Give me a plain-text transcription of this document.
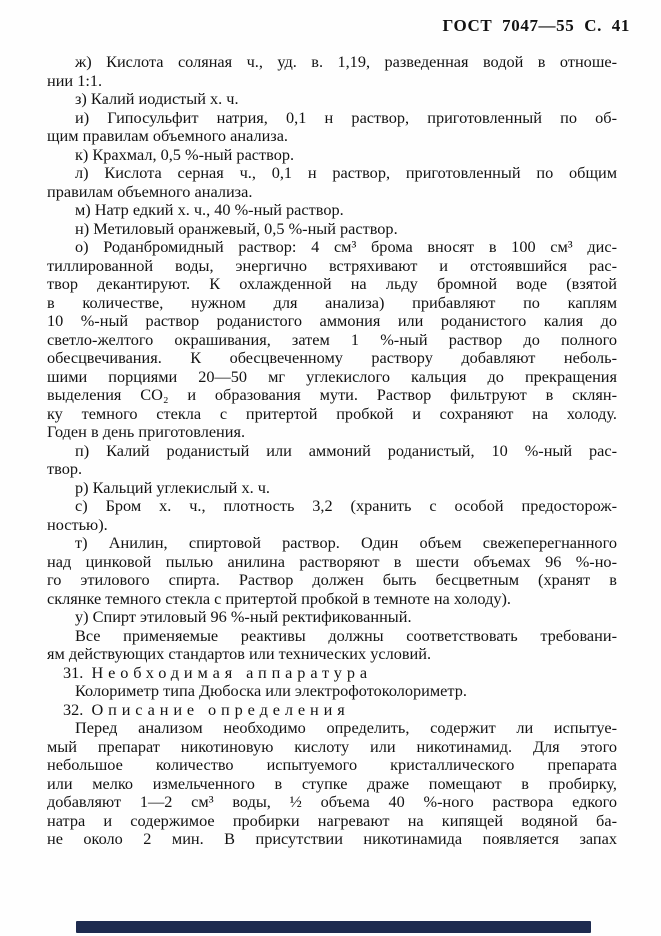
ГОСТ 7047—55 С. 41
ж) Кислота соляная ч., уд. в. 1,19, разведенная водой в отноше-
нии 1:1.
з) Калий иодистый х. ч.
и) Гипосульфит натрия, 0,1 н раствор, приготовленный по об-
щим правилам объемного анализа.
к) Крахмал, 0,5 %-ный раствор.
л) Кислота серная ч., 0,1 н раствор, приготовленный по общим
правилам объемного анализа.
м) Натр едкий х. ч., 40 %-ный раствор.
н) Метиловый оранжевый, 0,5 %-ный раствор.
о) Роданбромидный раствор: 4 см³ брома вносят в 100 см³ дис-
тиллированной воды, энергично встряхивают и отстоявшийся рас-
твор декантируют. К охлажденной на льду бромной воде (взятой
в количестве, нужном для анализа) прибавляют по каплям
10 %-ный раствор роданистого аммония или роданистого калия до
светло-желтого окрашивания, затем 1 %-ный раствор до полного
обесцвечивания. К обесцвеченному раствору добавляют неболь-
шими порциями 20—50 мг углекислого кальция до прекращения
выделения CO₂ и образования мути. Раствор фильтруют в склян-
ку темного стекла с притертой пробкой и сохраняют на холоду.
Годен в день приготовления.
п) Калий роданистый или аммоний роданистый, 10 %-ный рас-
твор.
р) Кальций углекислый х. ч.
с) Бром х. ч., плотность 3,2 (хранить с особой предосторож-
ностью).
т) Анилин, спиртовой раствор. Один объем свежеперегнанного
над цинковой пылью анилина растворяют в шести объемах 96 %-но-
го этилового спирта. Раствор должен быть бесцветным (хранят в
склянке темного стекла с притертой пробкой в темноте на холоду).
у) Спирт этиловый 96 %-ный ректификованный.
Все применяемые реактивы должны соответствовать требовани-
ям действующих стандартов или технических условий.
31. Необходимая аппаратура
Колориметр типа Дюбоска или электрофотоколориметр.
32. Описание определения
Перед анализом необходимо определить, содержит ли испытуе-
мый препарат никотиновую кислоту или никотинамид. Для этого
небольшое количество испытуемого кристаллического препарата
или мелко измельченного в ступке драже помещают в пробирку,
добавляют 1—2 см³ воды, ½ объема 40 %-ного раствора едкого
натра и содержимое пробирки нагревают на кипящей водяной ба-
не около 2 мин. В присутствии никотинамида появляется запах
